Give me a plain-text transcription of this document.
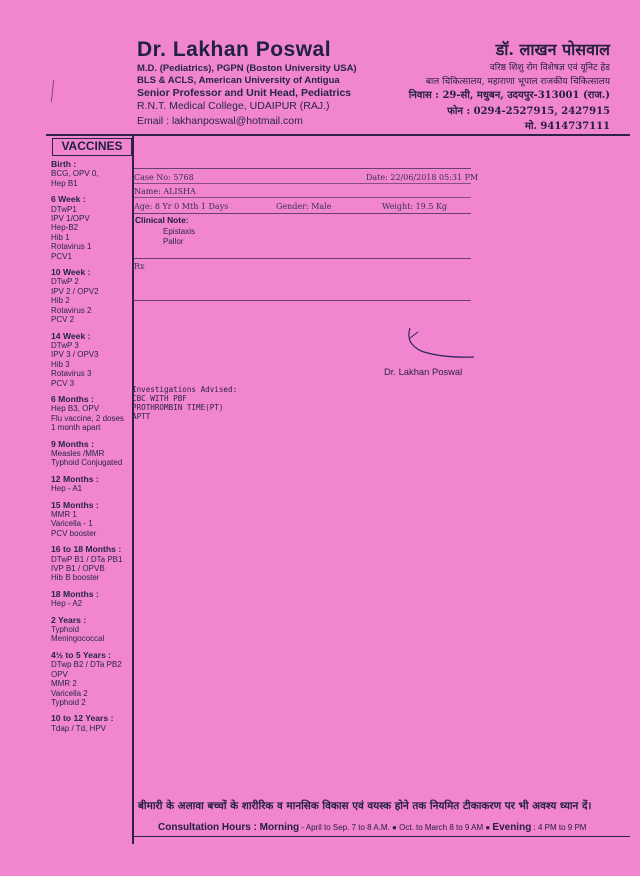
Dr. Lakhan Poswal
M.D. (Pediatrics), PGPN (Boston University USA)
BLS & ACLS, American University of Antigua
Senior Professor and Unit Head, Pediatrics
R.N.T. Medical College, UDAIPUR (RAJ.)
Email : lakhanposwal@hotmail.com
डॉ. लाखन पोसवाल
वरिष्ठ शिशु रोग विशेषज्ञ एवं यूनिट हेड
बाल चिकित्सालय, महाराणा भूपाल राजकीय चिकित्सालय
निवास : 29-सी, मधुबन, उदयपुर-313001 (राज.)
फोन : 0294-2527915, 2427915
मो. 9414737111
VACCINES
Birth :
BCG, OPV 0,
Hep B1
6 Week :
DTwP1
IPV 1/OPV
Hep-B2
Hib 1
Rotavirus 1
PCV1
10 Week :
DTwP 2
IPV 2 / OPV2
Hib 2
Rotavirus 2
PCV 2
14 Week :
DTwP 3
IPV 3 / OPV3
Hib 3
Rotavirus 3
PCV 3
6 Months :
Hep B3, OPV
Flu vaccine, 2 doses
1 month apart
9 Months :
Measles /MMR
Typhoid Conjugated
12 Months :
Hep - A1
15 Months :
MMR 1
Varicella - 1
PCV booster
16 to 18 Months :
DTwP B1 / DTa PB1
IVP B1 / OPVB
Hib B booster
18 Months :
Hep - A2
2 Years :
Typhoid
Meningococcal
4½ to 5 Years :
DTwp B2 / DTa PB2
OPV
MMR 2
Varicella 2
Typhoid 2
10 to 12 Years :
Tdap / Td, HPV
Case No: 5768	Date: 22/06/2018 05:31 PM
Name: ALISHA
Age: 8 Yr 0 Mth 1 Days	Gender: Male	Weight: 19.5 Kg
Clinical Note:
Epistaxis
Pallor
Rx
Dr. Lakhan Poswal
Investigations Advised:
CBC WITH PBF
PROTHROMBIN TIME(PT)
APTT
बीमारी के अलावा बच्चों के शारीरिक व मानसिक विकास एवं वयस्क होने तक नियमित टीकाकरण पर भी अवश्य ध्यान दें।
Consultation Hours : Morning - April to Sep. 7 to 8 A.M. ● Oct. to March 8 to 9 AM ● Evening : 4 PM to 9 PM
